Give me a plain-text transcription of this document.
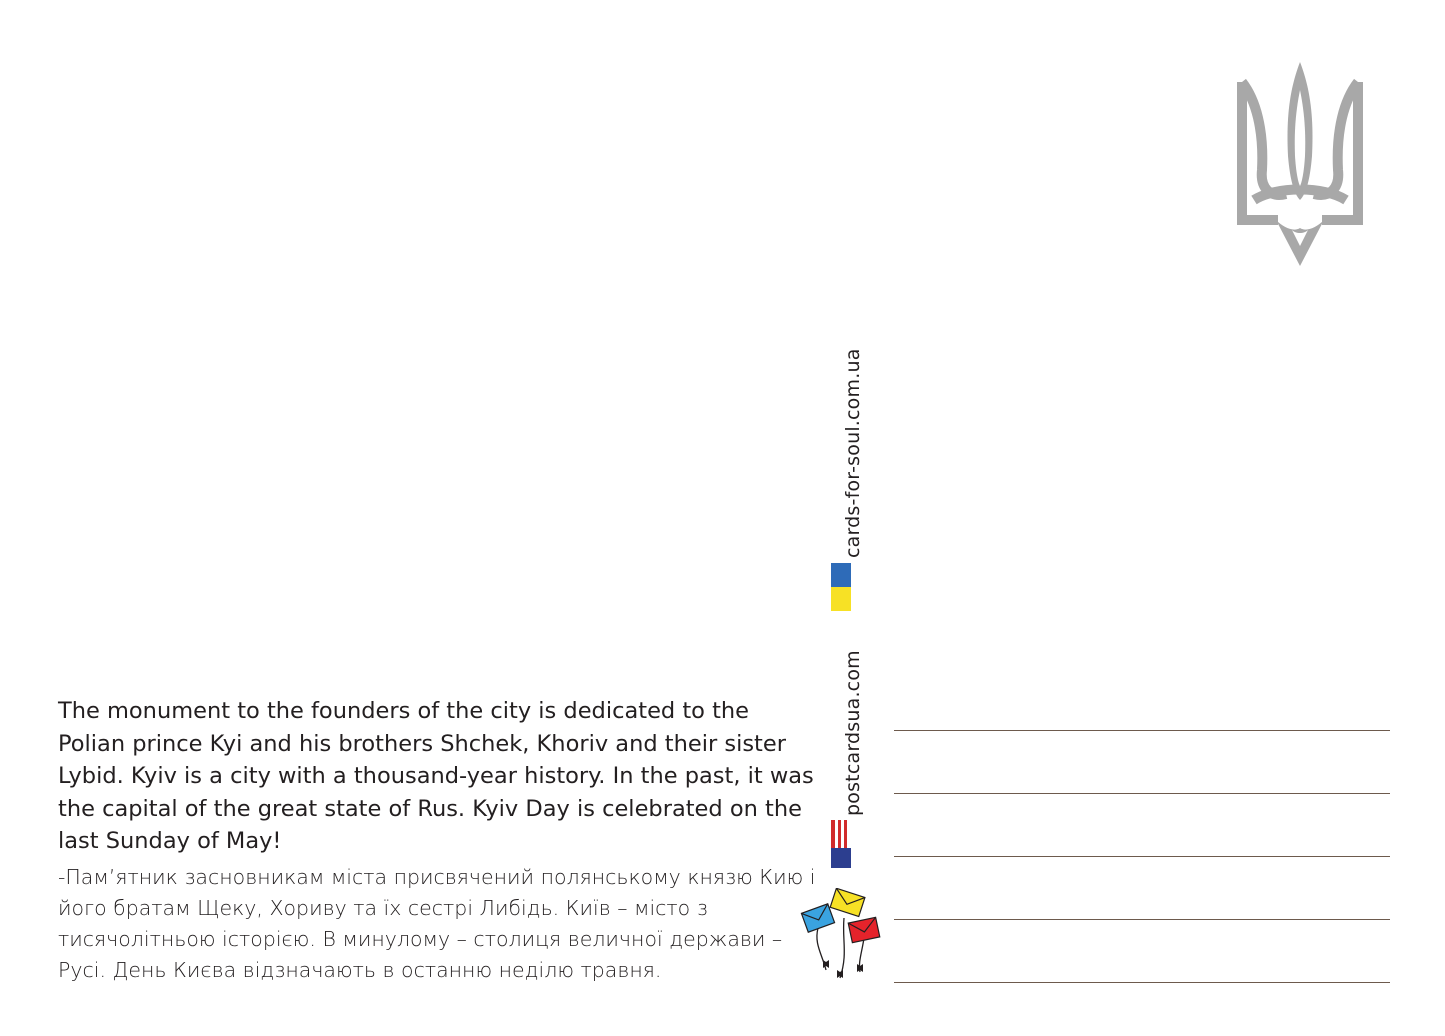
cards-for-soul.com.ua
postcardsua.com

The monument to the founders of the city is dedicated to the Polian prince Kyi and his brothers Shchek, Khoriv and their sister Lybid. Kyiv is a city with a thousand-year history. In the past, it was the capital of the great state of Rus. Kyiv Day is celebrated on the last Sunday of May!

-Пам’ятник засновникам міста присвячений полянському князю Кию і його братам Щеку, Хориву та їх сестрі Либідь. Київ – місто з тисячолітньою історією. В минулому – столиця величної держави – Русі. День Києва відзначають в останню неділю травня.
